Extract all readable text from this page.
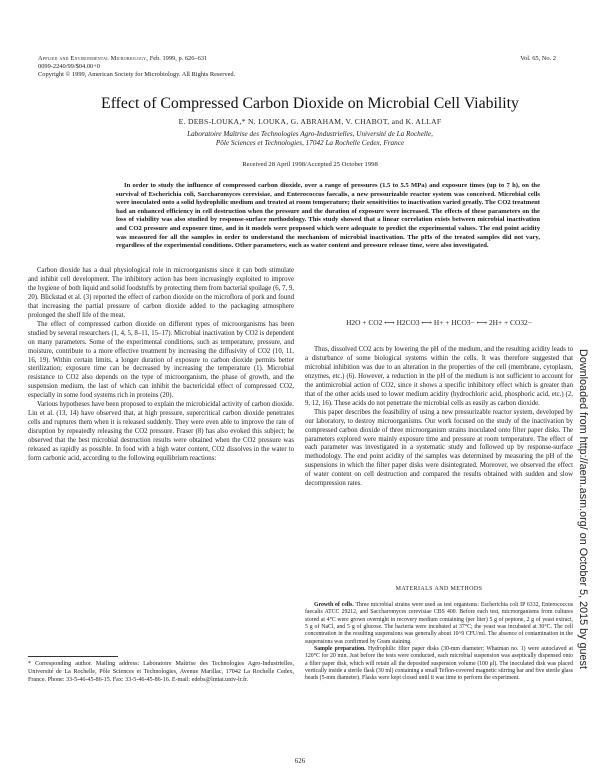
Applied and Environmental Microbiology, Feb. 1999, p. 626–631
0099-2240/99/$04.00+0
Copyright © 1999, American Society for Microbiology. All Rights Reserved.
Vol. 65, No. 2
Effect of Compressed Carbon Dioxide on Microbial Cell Viability
E. DEBS-LOUKA,* N. LOUKA, G. ABRAHAM, V. CHABOT, and K. ALLAF
Laboratoire Maîtrise des Technologies Agro-Industrielles, Université de La Rochelle,
Pôle Sciences et Technologies, 17042 La Rochelle Cedex, France
Received 28 April 1998/Accepted 25 October 1998
In order to study the influence of compressed carbon dioxide, over a range of pressures (1.5 to 5.5 MPa) and exposure times (up to 7 h), on the survival of Escherichia coli, Saccharomyces cerevisiae, and Enterococcus faecalis, a new pressurizable reactor system was conceived. Microbial cells were inoculated onto a solid hydrophilic medium and treated at room temperature; their sensitivities to inactivation varied greatly. The CO2 treatment had an enhanced efficiency in cell destruction when the pressure and the duration of exposure were increased. The effects of these parameters on the loss of viability was also studied by response-surface methodology. This study showed that a linear correlation exists between microbial inactivation and CO2 pressure and exposure time, and in it models were proposed which were adequate to predict the experimental values. The end point acidity was measured for all the samples in order to understand the mechanism of microbial inactivation. The pHs of the treated samples did not vary, regardless of the experimental conditions. Other parameters, such as water content and pressure release time, were also investigated.

Carbon dioxide has a dual physiological role in microorganisms since it can both stimulate and inhibit cell development. The inhibitory action has been increasingly exploited to improve the hygiene of both liquid and solid foodstuffs by protecting them from bacterial spoilage (6, 7, 9, 20). Blickstad et al. (3) reported the effect of carbon dioxide on the microflora of pork and found that increasing the partial pressure of carbon dioxide added to the packaging atmosphere prolonged the shelf life of the meat.

The effect of compressed carbon dioxide on different types of microorganisms has been studied by several researchers (1, 4, 5, 8–11, 15–17). Microbial inactivation by CO2 is dependent on many parameters. Some of the experimental conditions, such as temperature, pressure, and moisture, contribute to a more effective treatment by increasing the diffusivity of CO2 (10, 11, 16, 19). Within certain limits, a longer duration of exposure to carbon dioxide permits better sterilization; exposure time can be decreased by increasing the temperature (1). Microbial resistance to CO2 also depends on the type of microorganism, the phase of growth, and the suspension medium, the last of which can inhibit the bactericidal effect of compressed CO2, especially in some food systems rich in proteins (20).

Various hypotheses have been proposed to explain the microbicidal activity of carbon dioxide. Lin et al. (13, 14) have observed that, at high pressure, supercritical carbon dioxide penetrates cells and ruptures them when it is released suddenly. They were even able to improve the rate of disruption by repeatedly releasing the CO2 pressure. Fraser (8) has also evoked this subject; he observed that the best microbial destruction results were obtained when the CO2 pressure was released as rapidly as possible. In food with a high water content, CO2 dissolves in the water to form carbonic acid, according to the following equilibrium reactions:

* Corresponding author. Mailing address: Laboratoire Maîtrise des Technologies Agro-Industrielles, Université de La Rochelle, Pôle Sciences et Technologies, Avenue Marillac, 17042 La Rochelle Cedex, France. Phone: 33-5-46-45-86-15. Fax: 33-5-46-45-86-16. E-mail: edebs@lmtai.univ-lr.fr.
H2O + CO2 ⟷ H2CO3 ⟷ H+ + HCO3− ⟷ 2H+ + CO32−

Thus, dissolved CO2 acts by lowering the pH of the medium, and the resulting acidity leads to a disturbance of some biological systems within the cells. It was therefore suggested that microbial inhibition was due to an alteration in the properties of the cell (membrane, cytoplasm, enzymes, etc.) (6). However, a reduction in the pH of the medium is not sufficient to account for the antimicrobial action of CO2, since it shows a specific inhibitory effect which is greater than that of the other acids used to lower medium acidity (hydrochloric acid, phosphoric acid, etc.) (2, 9, 12, 16). These acids do not penetrate the microbial cells as easily as carbon dioxide.

This paper describes the feasibility of using a new pressurizable reactor system, developed by our laboratory, to destroy microorganisms. Our work focused on the study of the inactivation by compressed carbon dioxide of three microorganism strains inoculated onto filter paper disks. The parameters explored were mainly exposure time and pressure at room temperature. The effect of each parameter was investigated in a systematic study and followed up by response-surface methodology. The end point acidity of the samples was determined by measuring the pH of the suspensions in which the filter paper disks were disintegrated. Moreover, we observed the effect of water content on cell destruction and compared the results obtained with sudden and slow decompression rates.

MATERIALS AND METHODS

Growth of cells. Three microbial strains were used as test organisms: Escherichia coli IP 6332, Enterococcus faecalis ATCC 29212, and Saccharomyces cerevisiae CBS 400. Before each test, microorganisms from cultures stored at 4°C were grown overnight in recovery medium containing (per liter) 5 g of peptone, 2 g of yeast extract, 5 g of NaCl, and 5 g of glucose. The bacteria were incubated at 37°C; the yeast was incubated at 30°C. The cell concentration in the resulting suspensions was generally about 10^9 CFU/ml. The absence of contamination in the suspensions was confirmed by Gram staining.

Sample preparation. Hydrophilic filter paper disks (30-mm diameter; Whatman no. 1) were autoclaved at 120°C for 20 min. Just before the tests were conducted, each microbial suspension was aseptically dispensed onto a filter paper disk, which will retain all the deposited suspension volume (100 μl). The inoculated disk was placed vertically inside a sterile flask (30 ml) containing a small Teflon-covered magnetic stirring bar and five sterile glass beads (5-mm diameter). Flasks were kept closed until it was time to perform the experiment.

626
Downloaded from http://aem.asm.org/ on October 5, 2015 by guest
